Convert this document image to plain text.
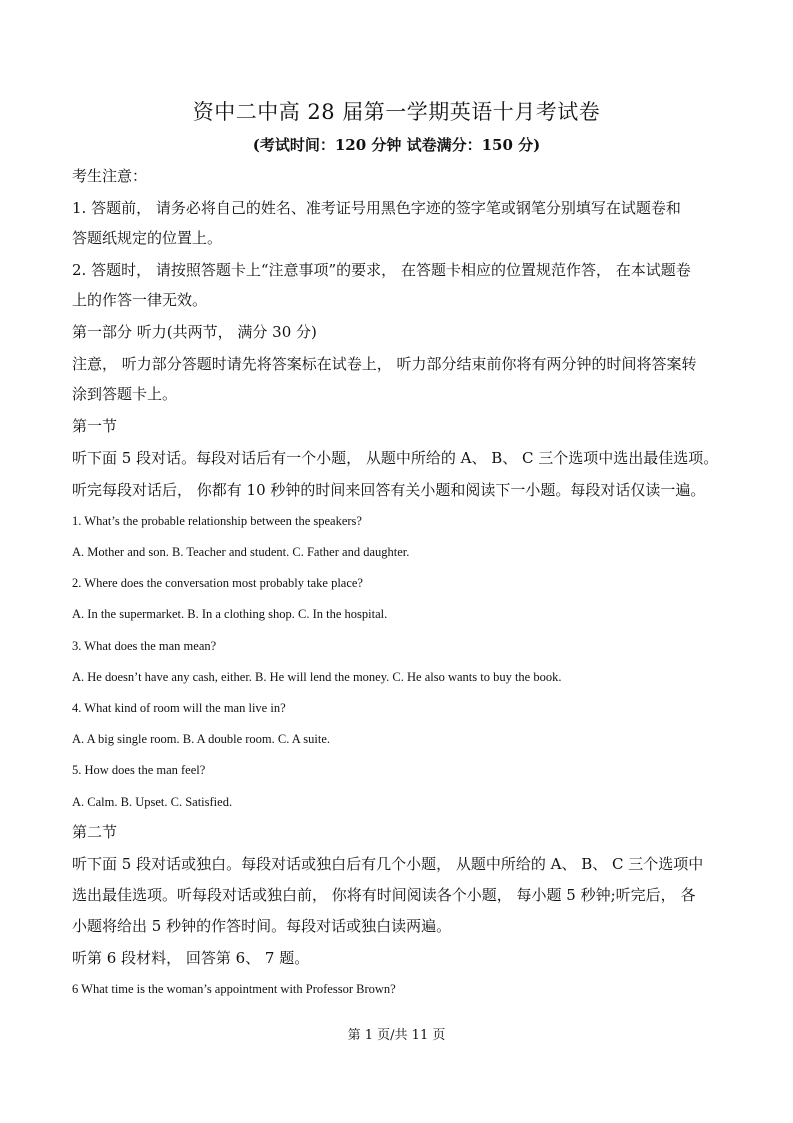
资中二中高 28 届第一学期英语十月考试卷
(考试时间：120 分钟 试卷满分：150 分)
考生注意：
1. 答题前， 请务必将自己的姓名、准考证号用黑色字迹的签字笔或钢笔分别填写在试题卷和
答题纸规定的位置上。
2. 答题时， 请按照答题卡上“注意事项”的要求， 在答题卡相应的位置规范作答， 在本试题卷
上的作答一律无效。
第一部分 听力(共两节， 满分 30 分)
注意， 听力部分答题时请先将答案标在试卷上， 听力部分结束前你将有两分钟的时间将答案转
涂到答题卡上。
第一节
听下面 5 段对话。每段对话后有一个小题， 从题中所给的 A、 B、 C 三个选项中选出最佳选项。
听完每段对话后， 你都有 10 秒钟的时间来回答有关小题和阅读下一小题。每段对话仅读一遍。
1. What’s the probable relationship between the speakers?
A. Mother and son. B. Teacher and student. C. Father and daughter.
2. Where does the conversation most probably take place?
A. In the supermarket. B. In a clothing shop. C. In the hospital.
3. What does the man mean?
A. He doesn’t have any cash, either. B. He will lend the money. C. He also wants to buy the book.
4. What kind of room will the man live in?
A. A big single room. B. A double room. C. A suite.
5. How does the man feel?
A. Calm. B. Upset. C. Satisfied.
第二节
听下面 5 段对话或独白。每段对话或独白后有几个小题， 从题中所给的 A、 B、 C 三个选项中
选出最佳选项。听每段对话或独白前， 你将有时间阅读各个小题， 每小题 5 秒钟;听完后， 各
小题将给出 5 秒钟的作答时间。每段对话或独白读两遍。
听第 6 段材料， 回答第 6、 7 题。
6 What time is the woman’s appointment with Professor Brown?
第 1 页/共 11 页
